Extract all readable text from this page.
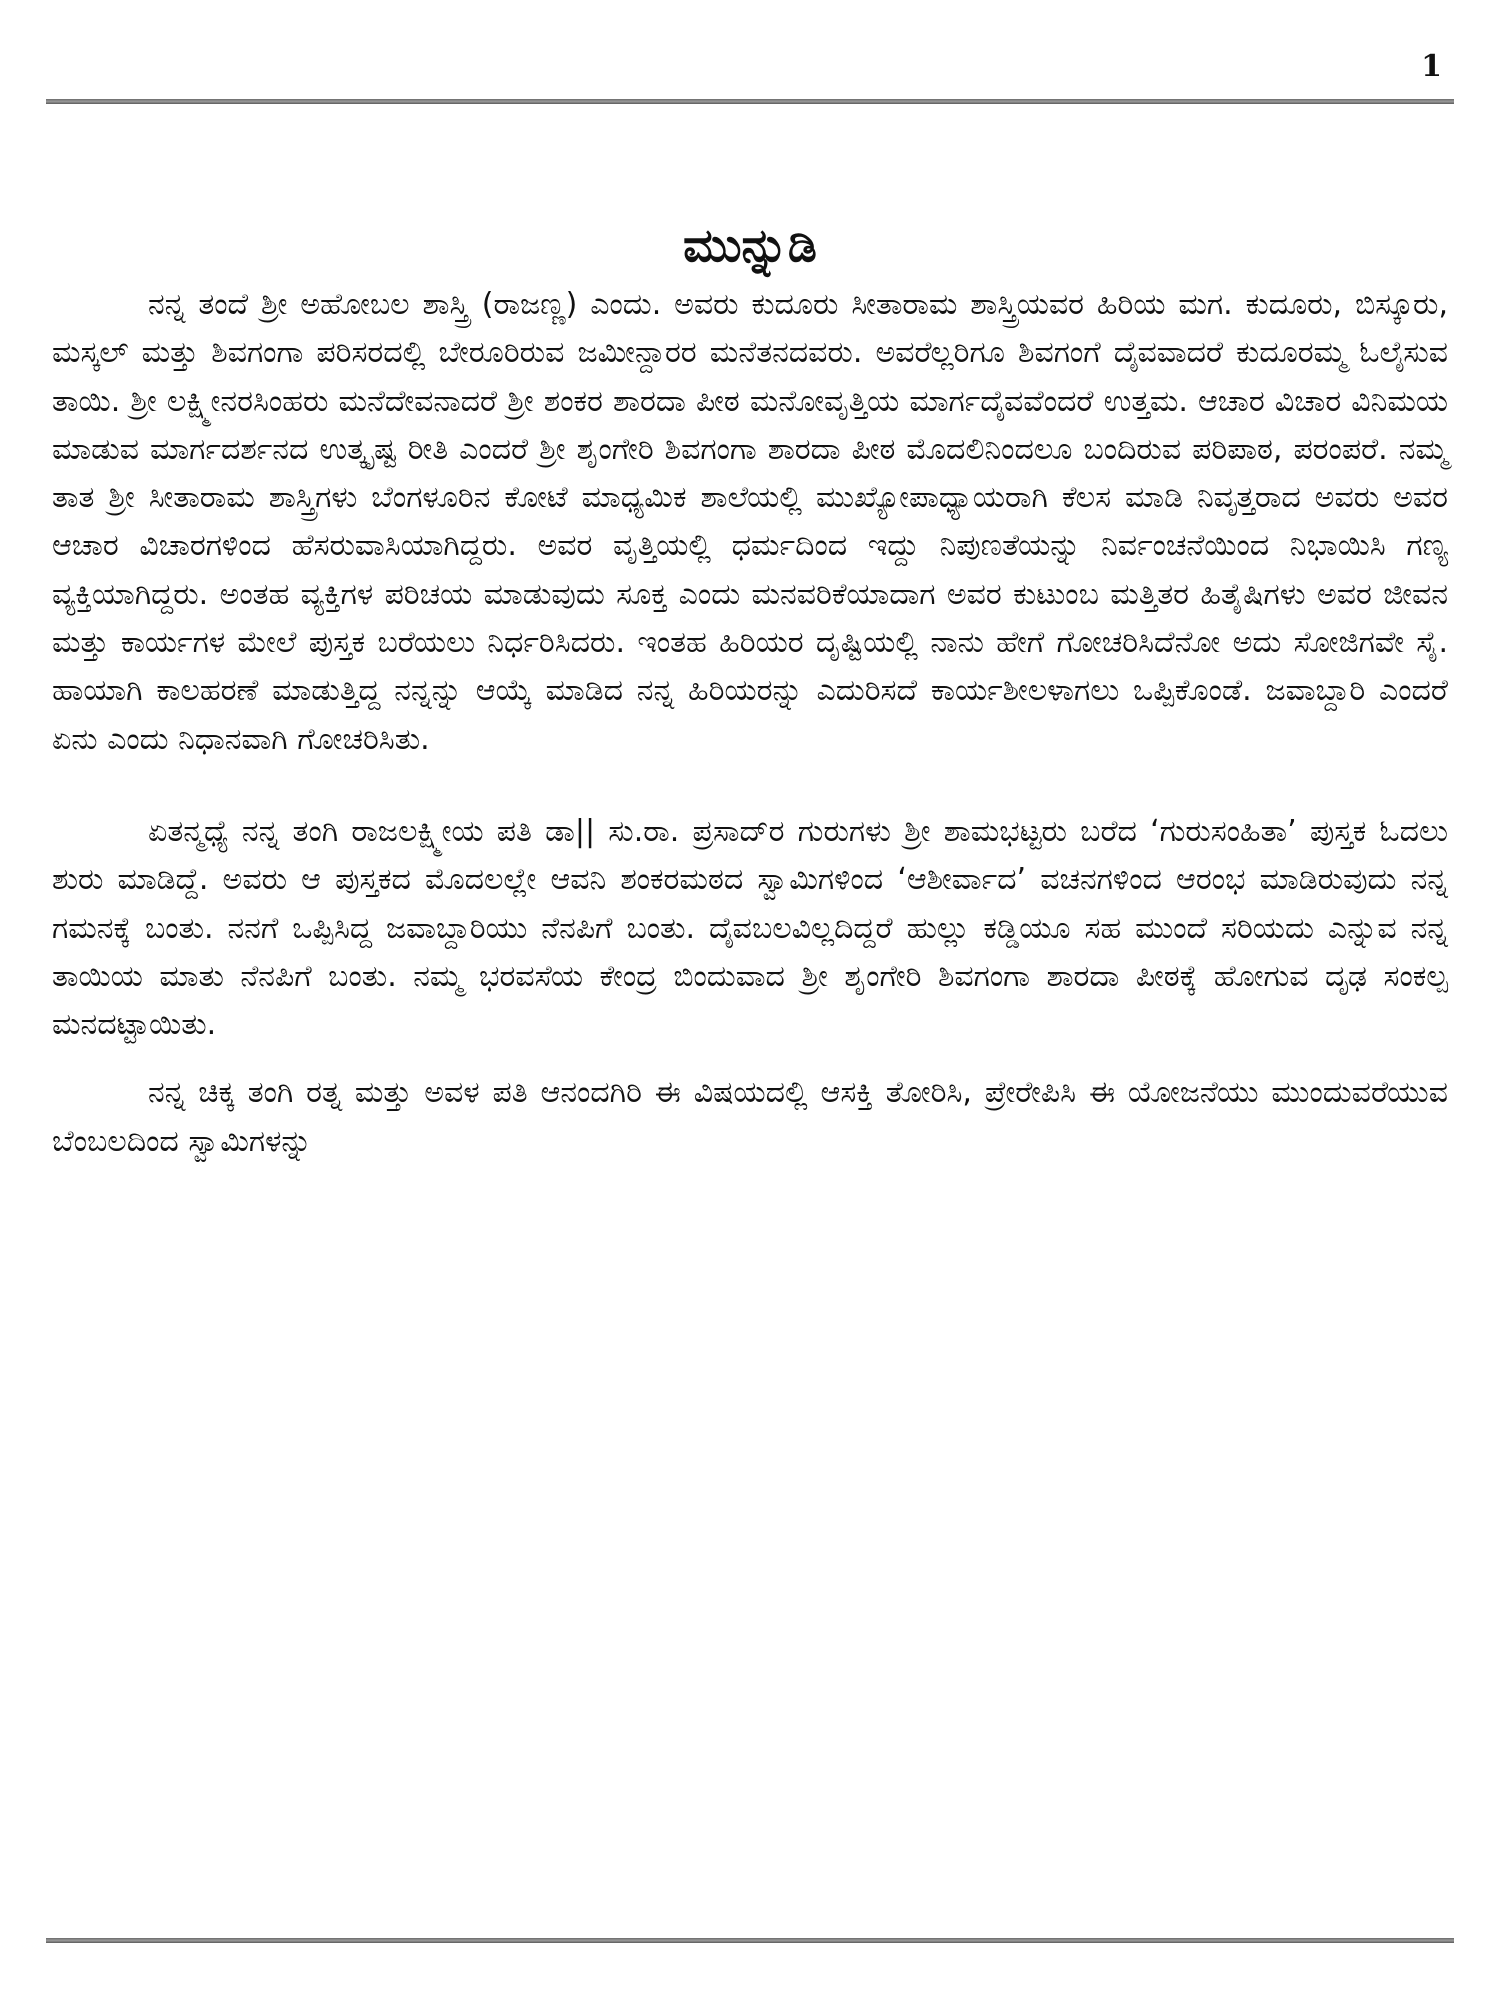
1
ಮುನ್ನುಡಿ

ನನ್ನ ತಂದೆ ಶ್ರೀ ಅಹೋಬಲ ಶಾಸ್ತ್ರಿ (ರಾಜಣ್ಣ) ಎಂದು. ಅವರು ಕುದೂರು ಸೀತಾರಾಮ ಶಾಸ್ತ್ರಿಯವರ ಹಿರಿಯ ಮಗ. ಕುದೂರು, ಬಿಸ್ಕೂರು, ಮಸ್ಕಲ್ ಮತ್ತು ಶಿವಗಂಗಾ ಪರಿಸರದಲ್ಲಿ ಬೇರೂರಿರುವ ಜಮೀನ್ದಾರರ ಮನೆತನದವರು. ಅವರೆಲ್ಲರಿಗೂ ಶಿವಗಂಗೆ ದೈವವಾದರೆ ಕುದೂರಮ್ಮ ಓಲೈಸುವ ತಾಯಿ. ಶ್ರೀ ಲಕ್ಷ್ಮೀನರಸಿಂಹರು ಮನೆದೇವನಾದರೆ ಶ್ರೀ ಶಂಕರ ಶಾರದಾ ಪೀಠ ಮನೋವೃತ್ತಿಯ ಮಾರ್ಗದೈವವೆಂದರೆ ಉತ್ತಮ. ಆಚಾರ ವಿಚಾರ ವಿನಿಮಯ ಮಾಡುವ ಮಾರ್ಗದರ್ಶನದ ಉತ್ಕೃಷ್ಟ ರೀತಿ ಎಂದರೆ ಶ್ರೀ ಶೃಂಗೇರಿ ಶಿವಗಂಗಾ ಶಾರದಾ ಪೀಠ ಮೊದಲಿನಿಂದಲೂ ಬಂದಿರುವ ಪರಿಪಾಠ, ಪರಂಪರೆ. ನಮ್ಮ ತಾತ ಶ್ರೀ ಸೀತಾರಾಮ ಶಾಸ್ತ್ರಿಗಳು ಬೆಂಗಳೂರಿನ ಕೋಟೆ ಮಾಧ್ಯಮಿಕ ಶಾಲೆಯಲ್ಲಿ ಮುಖ್ಯೋಪಾಧ್ಯಾಯರಾಗಿ ಕೆಲಸ ಮಾಡಿ ನಿವೃತ್ತರಾದ ಅವರು ಅವರ ಆಚಾರ ವಿಚಾರಗಳಿಂದ ಹೆಸರುವಾಸಿಯಾಗಿದ್ದರು. ಅವರ ವೃತ್ತಿಯಲ್ಲಿ ಧರ್ಮದಿಂದ ಇದ್ದು ನಿಪುಣತೆಯನ್ನು ನಿರ್ವಂಚನೆಯಿಂದ ನಿಭಾಯಿಸಿ ಗಣ್ಯ ವ್ಯಕ್ತಿಯಾಗಿದ್ದರು. ಅಂತಹ ವ್ಯಕ್ತಿಗಳ ಪರಿಚಯ ಮಾಡುವುದು ಸೂಕ್ತ ಎಂದು ಮನವರಿಕೆಯಾದಾಗ ಅವರ ಕುಟುಂಬ ಮತ್ತಿತರ ಹಿತೈಷಿಗಳು ಅವರ ಜೀವನ ಮತ್ತು ಕಾರ್ಯಗಳ ಮೇಲೆ ಪುಸ್ತಕ ಬರೆಯಲು ನಿರ್ಧರಿಸಿದರು. ಇಂತಹ ಹಿರಿಯರ ದೃಷ್ಟಿಯಲ್ಲಿ ನಾನು ಹೇಗೆ ಗೋಚರಿಸಿದೆನೋ ಅದು ಸೋಜಿಗವೇ ಸೈ. ಹಾಯಾಗಿ ಕಾಲಹರಣೆ ಮಾಡುತ್ತಿದ್ದ ನನ್ನನ್ನು ಆಯ್ಕೆ ಮಾಡಿದ ನನ್ನ ಹಿರಿಯರನ್ನು ಎದುರಿಸದೆ ಕಾರ್ಯಶೀಲಳಾಗಲು ಒಪ್ಪಿಕೊಂಡೆ. ಜವಾಬ್ದಾರಿ ಎಂದರೆ ಏನು ಎಂದು ನಿಧಾನವಾಗಿ ಗೋಚರಿಸಿತು.

ಏತನ್ಮಧ್ಯೆ ನನ್ನ ತಂಗಿ ರಾಜಲಕ್ಷ್ಮೀಯ ಪತಿ ಡಾ|| ಸು.ರಾ. ಪ್ರಸಾದ್‌ರ ಗುರುಗಳು ಶ್ರೀ ಶಾಮಭಟ್ಟರು ಬರೆದ ‘ಗುರುಸಂಹಿತಾ’ ಪುಸ್ತಕ ಓದಲು ಶುರು ಮಾಡಿದ್ದೆ. ಅವರು ಆ ಪುಸ್ತಕದ ಮೊದಲಲ್ಲೇ ಆವನಿ ಶಂಕರಮಠದ ಸ್ವಾಮಿಗಳಿಂದ ‘ಆಶೀರ್ವಾದ’ ವಚನಗಳಿಂದ ಆರಂಭ ಮಾಡಿರುವುದು ನನ್ನ ಗಮನಕ್ಕೆ ಬಂತು. ನನಗೆ ಒಪ್ಪಿಸಿದ್ದ ಜವಾಬ್ದಾರಿಯು ನೆನಪಿಗೆ ಬಂತು. ದೈವಬಲವಿಲ್ಲದಿದ್ದರೆ ಹುಲ್ಲು ಕಡ್ಡಿಯೂ ಸಹ ಮುಂದೆ ಸರಿಯದು ಎನ್ನುವ ನನ್ನ ತಾಯಿಯ ಮಾತು ನೆನಪಿಗೆ ಬಂತು. ನಮ್ಮ ಭರವಸೆಯ ಕೇಂದ್ರ ಬಿಂದುವಾದ ಶ್ರೀ ಶೃಂಗೇರಿ ಶಿವಗಂಗಾ ಶಾರದಾ ಪೀಠಕ್ಕೆ ಹೋಗುವ ದೃಢ ಸಂಕಲ್ಪ ಮನದಟ್ಟಾಯಿತು.

ನನ್ನ ಚಿಕ್ಕ ತಂಗಿ ರತ್ನ ಮತ್ತು ಅವಳ ಪತಿ ಆನಂದಗಿರಿ ಈ ವಿಷಯದಲ್ಲಿ ಆಸಕ್ತಿ ತೋರಿಸಿ, ಪ್ರೇರೇಪಿಸಿ ಈ ಯೋಜನೆಯು ಮುಂದುವರೆಯುವ ಬೆಂಬಲದಿಂದ ಸ್ವಾಮಿಗಳನ್ನು
